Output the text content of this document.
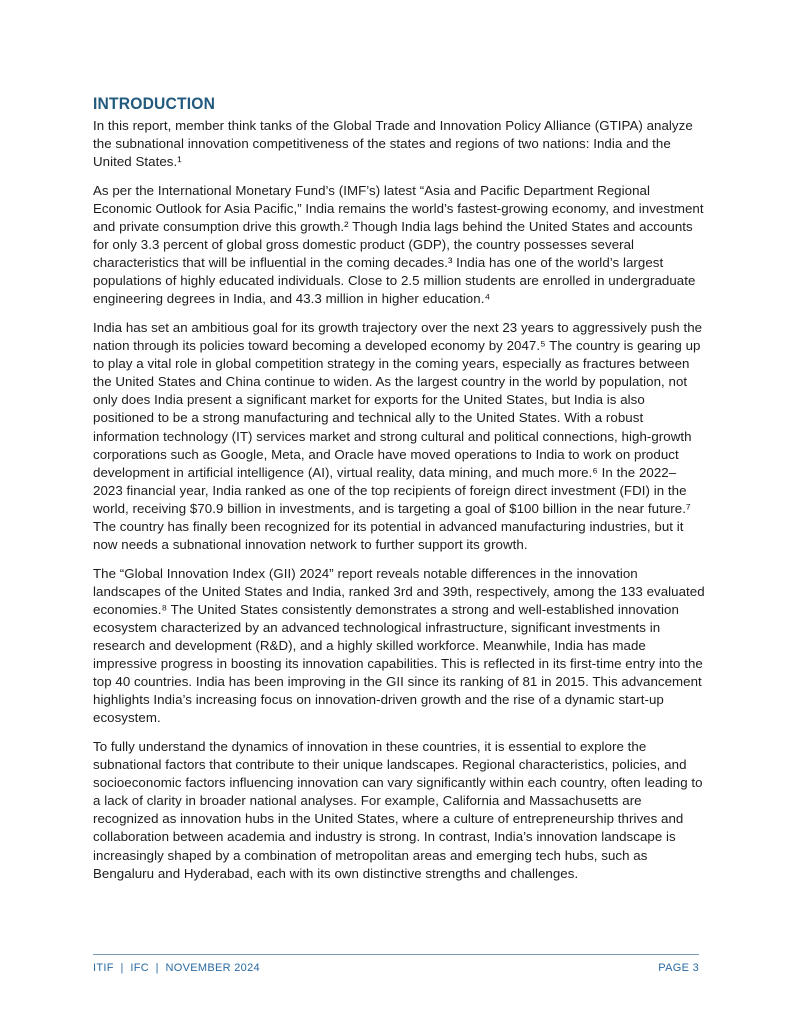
INTRODUCTION

In this report, member think tanks of the Global Trade and Innovation Policy Alliance (GTIPA) analyze the subnational innovation competitiveness of the states and regions of two nations: India and the United States.¹

As per the International Monetary Fund’s (IMF’s) latest “Asia and Pacific Department Regional Economic Outlook for Asia Pacific,” India remains the world’s fastest-growing economy, and investment and private consumption drive this growth.² Though India lags behind the United States and accounts for only 3.3 percent of global gross domestic product (GDP), the country possesses several characteristics that will be influential in the coming decades.³ India has one of the world’s largest populations of highly educated individuals. Close to 2.5 million students are enrolled in undergraduate engineering degrees in India, and 43.3 million in higher education.⁴

India has set an ambitious goal for its growth trajectory over the next 23 years to aggressively push the nation through its policies toward becoming a developed economy by 2047.⁵ The country is gearing up to play a vital role in global competition strategy in the coming years, especially as fractures between the United States and China continue to widen. As the largest country in the world by population, not only does India present a significant market for exports for the United States, but India is also positioned to be a strong manufacturing and technical ally to the United States. With a robust information technology (IT) services market and strong cultural and political connections, high-growth corporations such as Google, Meta, and Oracle have moved operations to India to work on product development in artificial intelligence (AI), virtual reality, data mining, and much more.⁶ In the 2022–2023 financial year, India ranked as one of the top recipients of foreign direct investment (FDI) in the world, receiving $70.9 billion in investments, and is targeting a goal of $100 billion in the near future.⁷ The country has finally been recognized for its potential in advanced manufacturing industries, but it now needs a subnational innovation network to further support its growth.

The “Global Innovation Index (GII) 2024” report reveals notable differences in the innovation landscapes of the United States and India, ranked 3rd and 39th, respectively, among the 133 evaluated economies.⁸ The United States consistently demonstrates a strong and well-established innovation ecosystem characterized by an advanced technological infrastructure, significant investments in research and development (R&D), and a highly skilled workforce. Meanwhile, India has made impressive progress in boosting its innovation capabilities. This is reflected in its first-time entry into the top 40 countries. India has been improving in the GII since its ranking of 81 in 2015. This advancement highlights India’s increasing focus on innovation-driven growth and the rise of a dynamic start-up ecosystem.

To fully understand the dynamics of innovation in these countries, it is essential to explore the subnational factors that contribute to their unique landscapes. Regional characteristics, policies, and socioeconomic factors influencing innovation can vary significantly within each country, often leading to a lack of clarity in broader national analyses. For example, California and Massachusetts are recognized as innovation hubs in the United States, where a culture of entrepreneurship thrives and collaboration between academia and industry is strong. In contrast, India’s innovation landscape is increasingly shaped by a combination of metropolitan areas and emerging tech hubs, such as Bengaluru and Hyderabad, each with its own distinctive strengths and challenges.

ITIF  |  IFC  |  NOVEMBER 2024	PAGE 3
